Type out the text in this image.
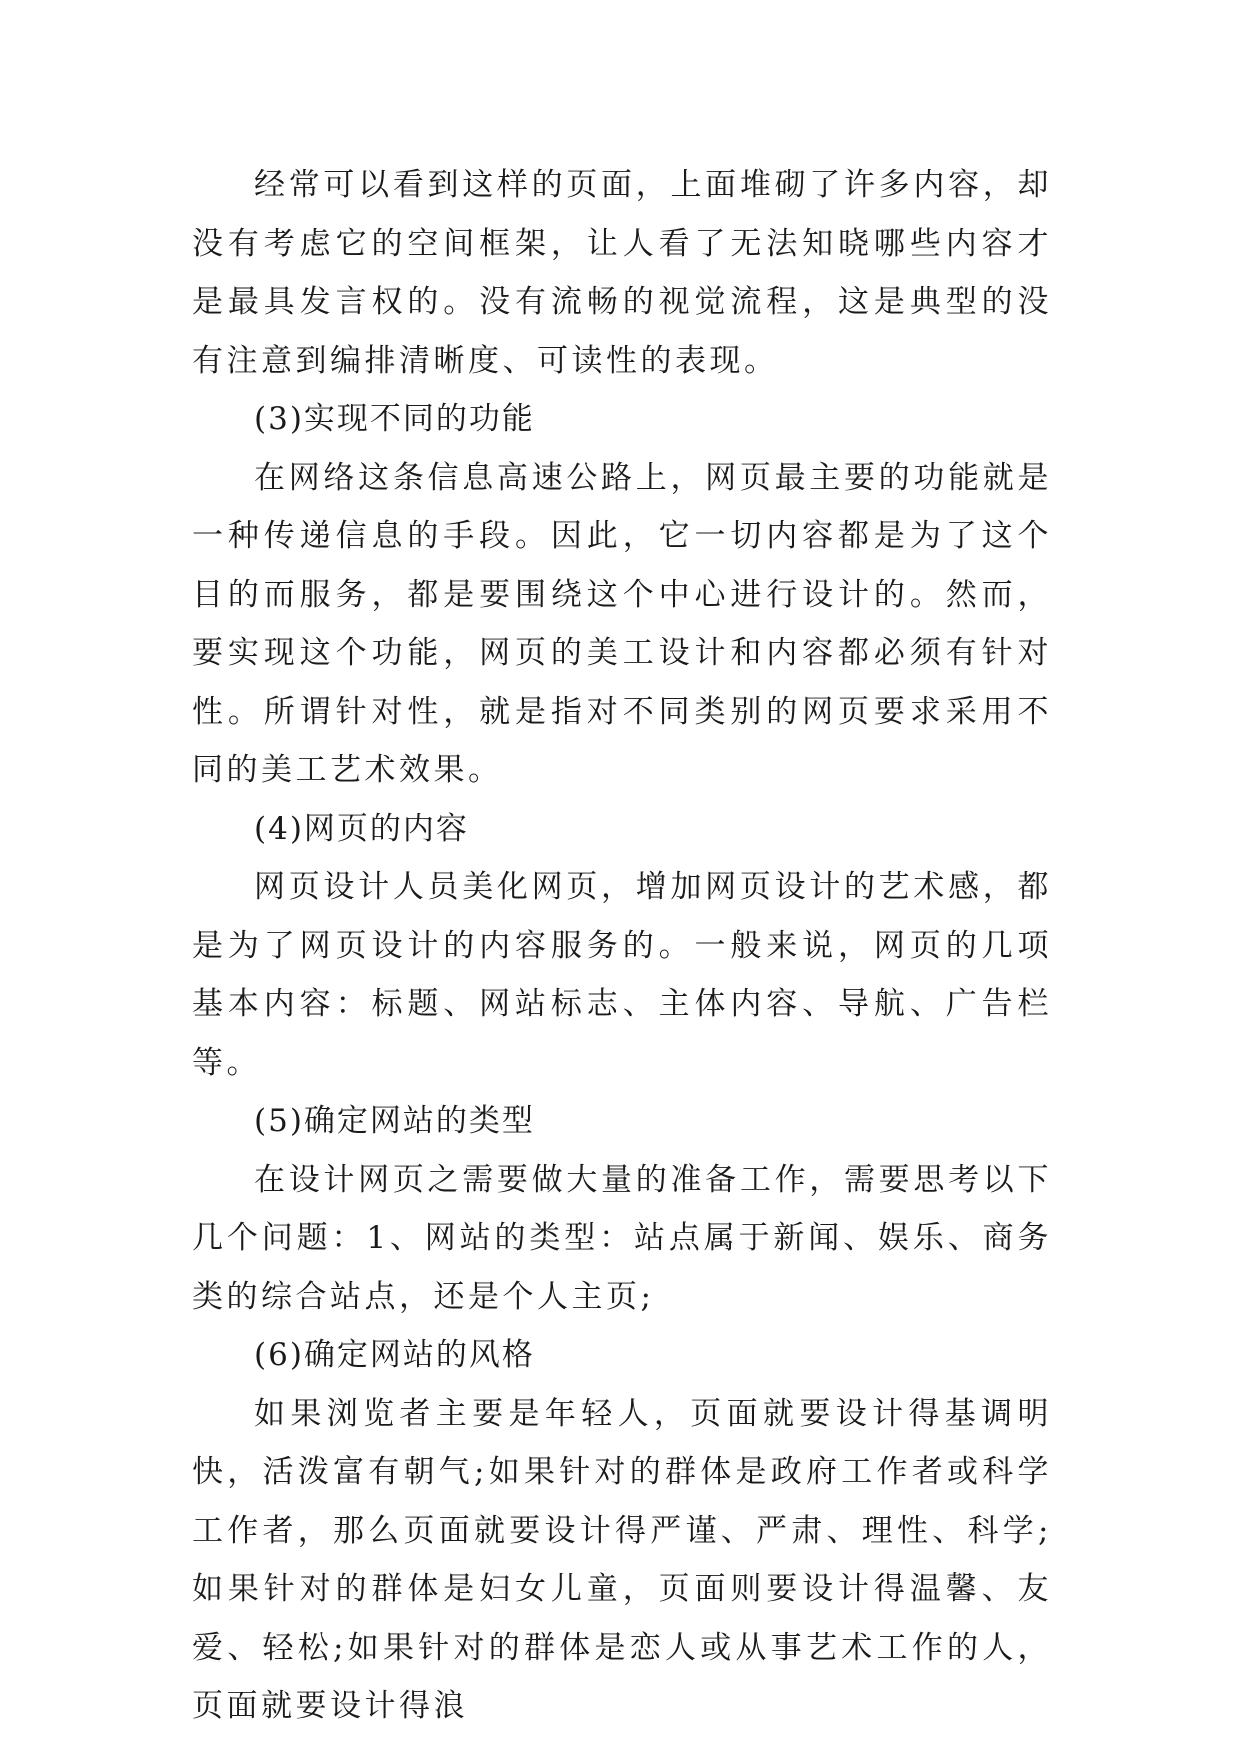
经常可以看到这样的页面，上面堆砌了许多内容，却没有考虑它的空间框架，让人看了无法知晓哪些内容才是最具发言权的。没有流畅的视觉流程，这是典型的没有注意到编排清晰度、可读性的表现。

(3)实现不同的功能

在网络这条信息高速公路上，网页最主要的功能就是一种传递信息的手段。因此，它一切内容都是为了这个目的而服务，都是要围绕这个中心进行设计的。然而，要实现这个功能，网页的美工设计和内容都必须有针对性。所谓针对性，就是指对不同类别的网页要求采用不同的美工艺术效果。

(4)网页的内容

网页设计人员美化网页，增加网页设计的艺术感，都是为了网页设计的内容服务的。一般来说，网页的几项基本内容：标题、网站标志、主体内容、导航、广告栏等。

(5)确定网站的类型

在设计网页之需要做大量的准备工作，需要思考以下几个问题：1、网站的类型：站点属于新闻、娱乐、商务类的综合站点，还是个人主页;

(6)确定网站的风格

如果浏览者主要是年轻人，页面就要设计得基调明快，活泼富有朝气;如果针对的群体是政府工作者或科学工作者，那么页面就要设计得严谨、严肃、理性、科学;如果针对的群体是妇女儿童，页面则要设计得温馨、友爱、轻松;如果针对的群体是恋人或从事艺术工作的人，页面就要设计得浪
